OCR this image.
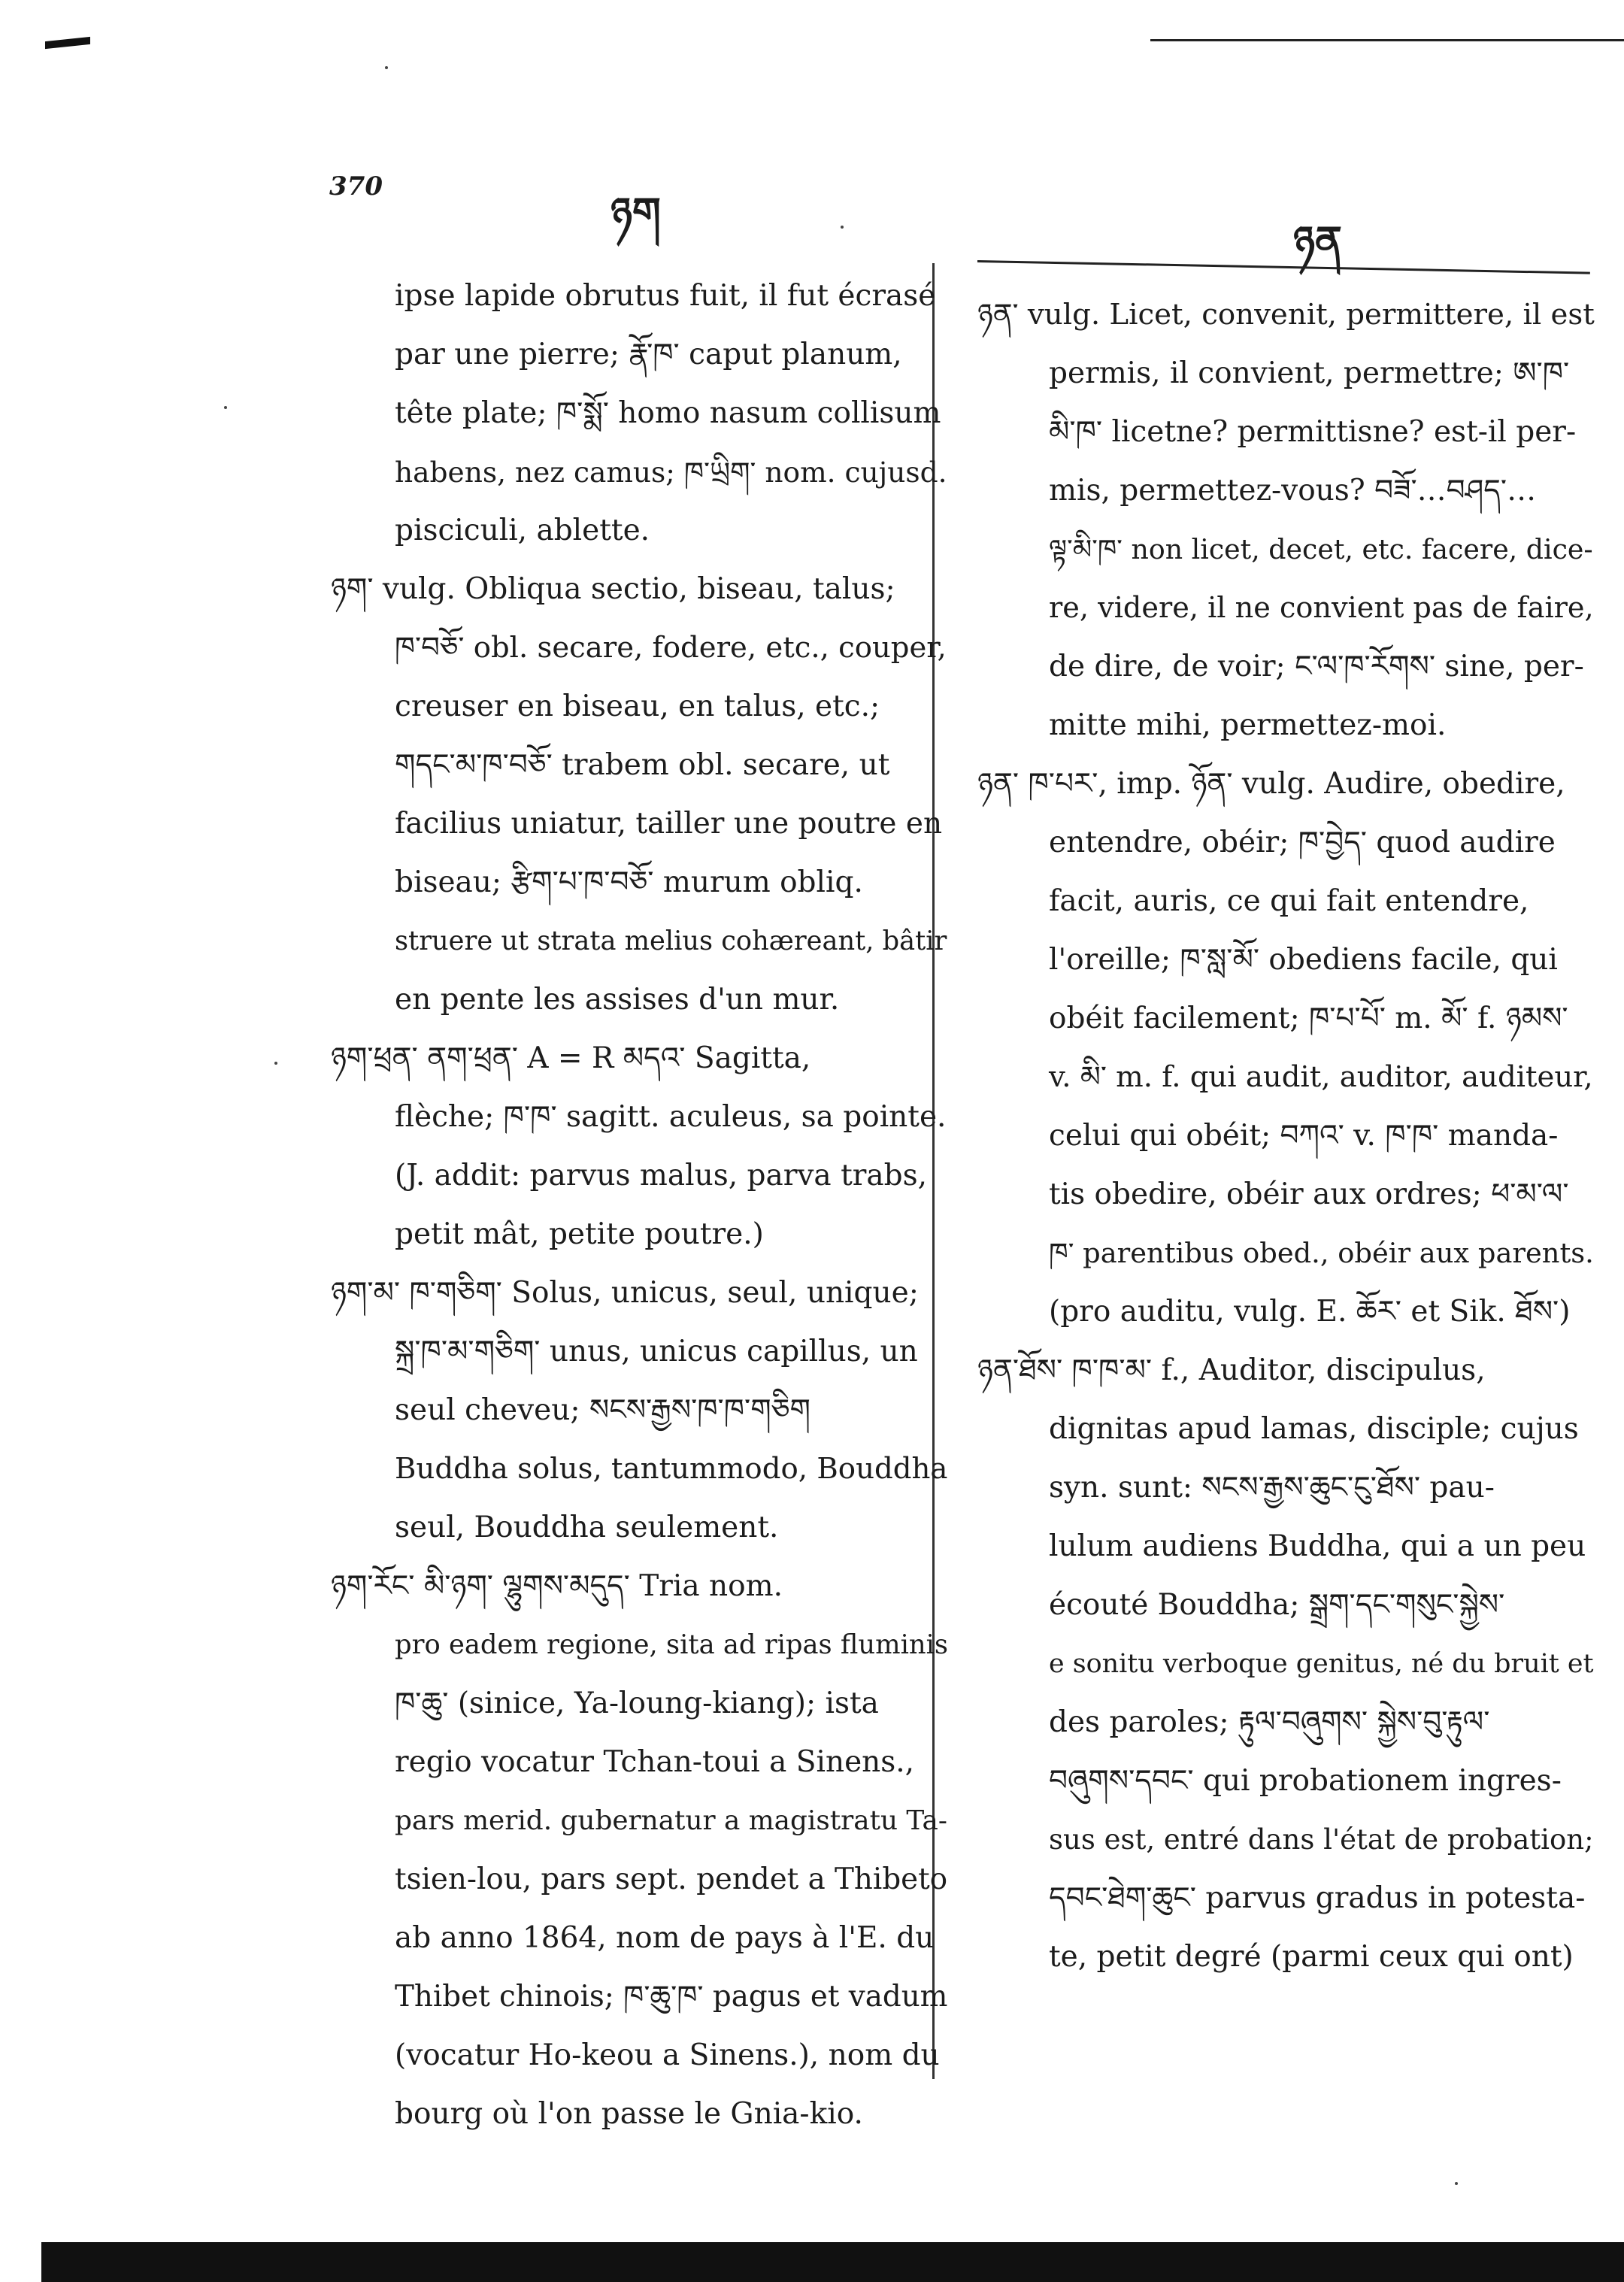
370
ཉག
ཉན
ipse lapide obrutus fuit, il fut écrasé
par une pierre; རྣོ་ཁ་ caput planum,
tête plate; ཁ་སྨོ་ homo nasum collisum
habens, nez camus; ཁ་ཡྲིག་ nom. cujusd.
pisciculi, ablette.
ཉག་ vulg. Obliqua sectio, biseau, talus;
ཁ་བཅོ་ obl. secare, fodere, etc., couper,
creuser en biseau, en talus, etc.;
གདང་མ་ཁ་བཅོ་ trabem obl. secare, ut
facilius uniatur, tailler une poutre en
biseau; རྩིག་པ་ཁ་བཅོ་ murum obliq.
struere ut strata melius cohæreant, bâtir
en pente les assises d'un mur.
ཉག་ཕྲན་ ནག་ཕྲན་ A = R མདའ་ Sagitta,
flèche; ཁ་ཁ་ sagitt. aculeus, sa pointe.
(J. addit: parvus malus, parva trabs,
petit mât, petite poutre.)
ཉག་མ་ ཁ་གཅིག་ Solus, unicus, seul, unique;
སྐྲ་ཁ་མ་གཅིག་ unus, unicus capillus, un
seul cheveu; སངས་རྒྱས་ཁ་ཁ་གཅིག
Buddha solus, tantummodo, Bouddha
seul, Bouddha seulement.
ཉག་རོང་ མི་ཉག་ ལྷུགས་མདུད་ Tria nom.
pro eadem regione, sita ad ripas fluminis
ཁ་ཆུ་ (sinice, Ya-loung-kiang); ista
regio vocatur Tchan-toui a Sinens.,
pars merid. gubernatur a magistratu Ta-
tsien-lou, pars sept. pendet a Thibeto
ab anno 1864, nom de pays à l'E. du
Thibet chinois; ཁ་ཆུ་ཁ་ pagus et vadum
(vocatur Ho-keou a Sinens.), nom du
bourg où l'on passe le Gnia-kio.
ཉན་ vulg. Licet, convenit, permittere, il est
permis, il convient, permettre; ཨ་ཁ་
མི་ཁ་ licetne? permittisne? est-il per-
mis, permettez-vous? བཟོ་…བཤད་…
ལྟ་མི་ཁ་ non licet, decet, etc. facere, dice-
re, videre, il ne convient pas de faire,
de dire, de voir; ང་ལ་ཁ་རོགས་ sine, per-
mitte mihi, permettez-moi.
ཉན་ ཁ་པར་, imp. ཉོན་ vulg. Audire, obedire,
entendre, obéir; ཁ་བྱེད་ quod audire
facit, auris, ce qui fait entendre,
l'oreille; ཁ་སླ་མོ་ obediens facile, qui
obéit facilement; ཁ་པ་པོ་ m. མོ་ f. ཉམས་
v. མི་ m. f. qui audit, auditor, auditeur,
celui qui obéit; བཀའ་ v. ཁ་ཁ་ manda-
tis obedire, obéir aux ordres; ཕ་མ་ལ་
ཁ་ parentibus obed., obéir aux parents.
(pro auditu, vulg. E. ཆོར་ et Sik. ཐོས་)
ཉན་ཐོས་ ཁ་ཁ་མ་ f., Auditor, discipulus,
dignitas apud lamas, disciple; cujus
syn. sunt: སངས་རྒྱས་ཆུང་ངུ་ཐོས་ pau-
lulum audiens Buddha, qui a un peu
écouté Bouddha; སྒྲག་དང་གསུང་སྐྱེས་
e sonitu verboque genitus, né du bruit et
des paroles; རྟུལ་བཞུགས་ སྐྱེས་བུ་རྟུལ་
བཞུགས་དབང་ qui probationem ingres-
sus est, entré dans l'état de probation;
དབང་ཐེག་ཆུང་ parvus gradus in potesta-
te, petit degré (parmi ceux qui ont)
